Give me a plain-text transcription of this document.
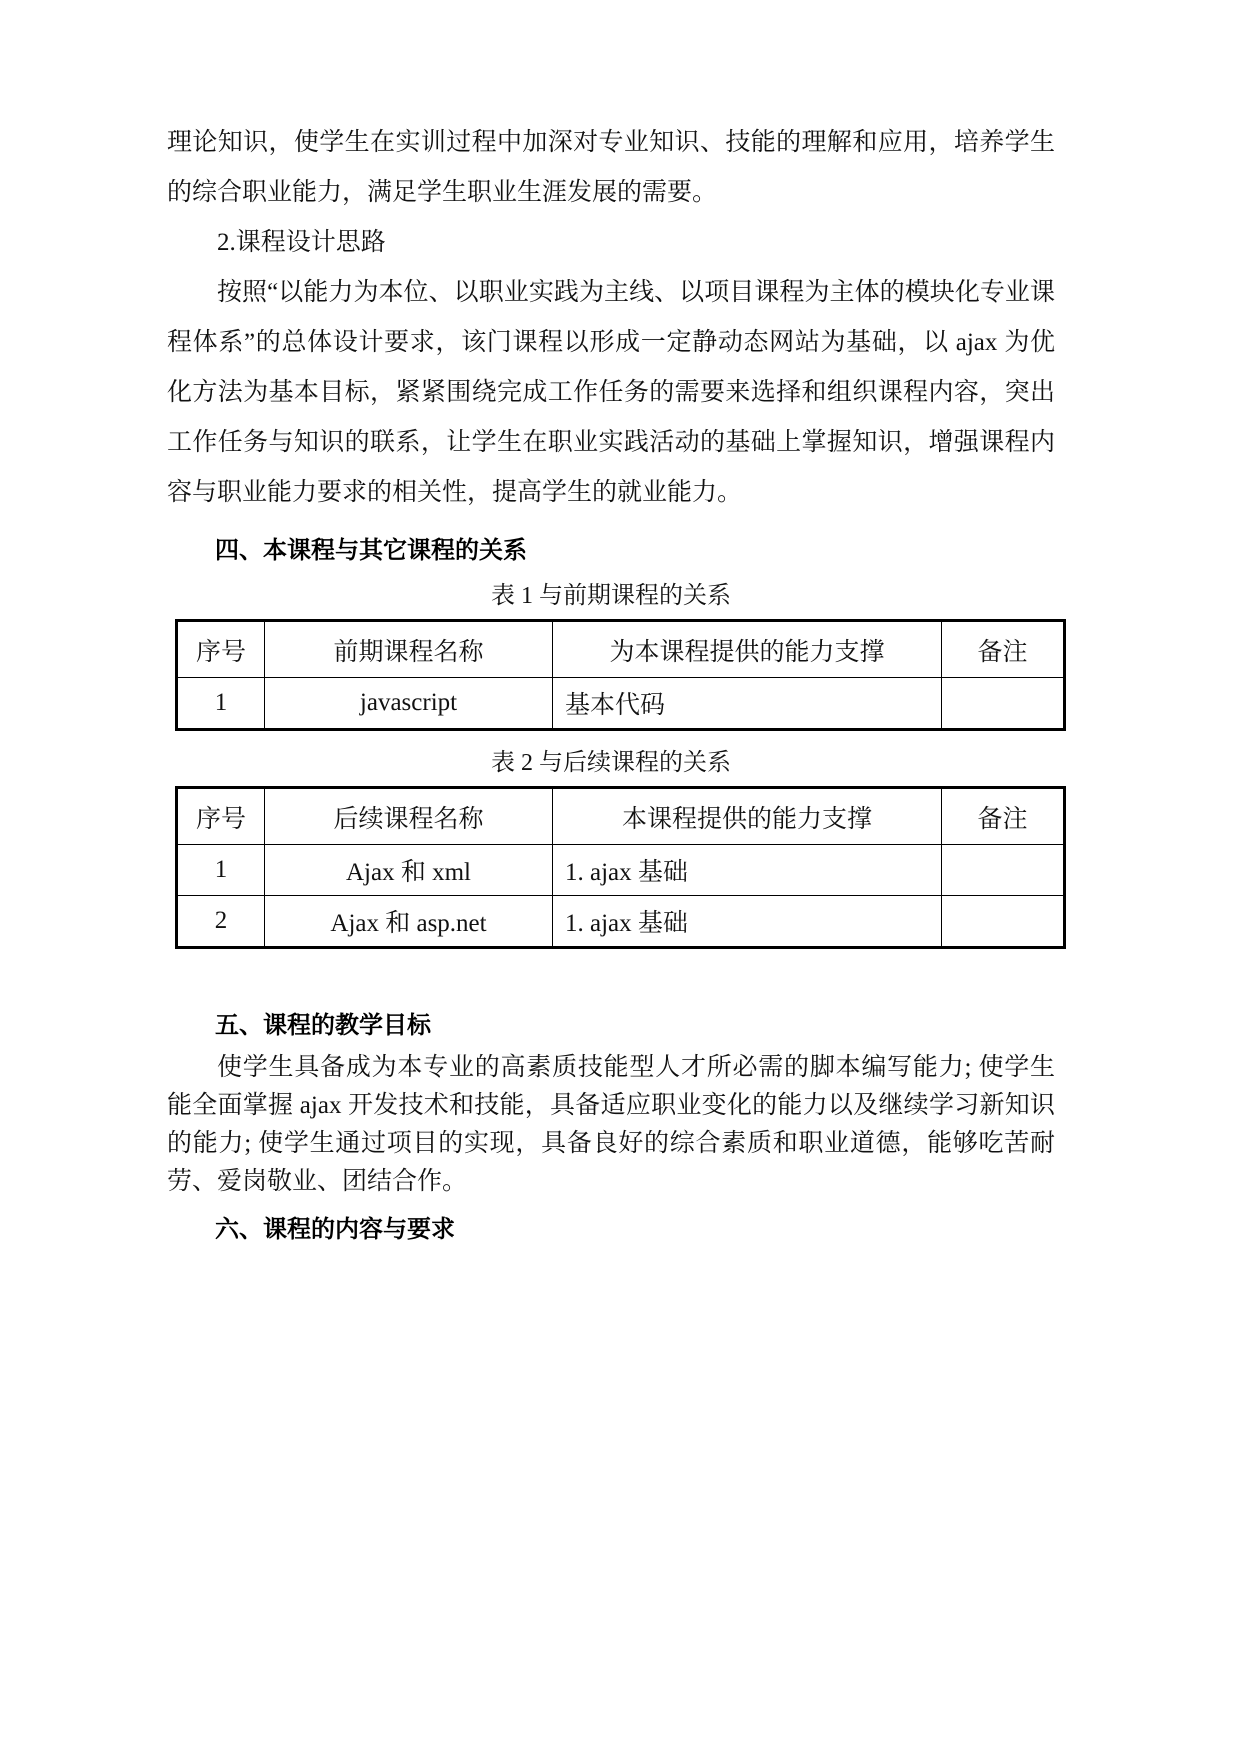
理论知识，使学生在实训过程中加深对专业知识、技能的理解和应用，培养学生的综合职业能力，满足学生职业生涯发展的需要。

2.课程设计思路

按照“以能力为本位、以职业实践为主线、以项目课程为主体的模块化专业课程体系”的总体设计要求，该门课程以形成一定静动态网站为基础，以 ajax 为优化方法为基本目标，紧紧围绕完成工作任务的需要来选择和组织课程内容，突出工作任务与知识的联系，让学生在职业实践活动的基础上掌握知识，增强课程内容与职业能力要求的相关性，提高学生的就业能力。

四、本课程与其它课程的关系

表 1 与前期课程的关系

序号	前期课程名称	为本课程提供的能力支撑	备注
1	javascript	基本代码	

表 2 与后续课程的关系

序号	后续课程名称	本课程提供的能力支撑	备注
1	Ajax 和 xml	1. ajax 基础	
2	Ajax 和 asp.net	1. ajax 基础	
五、课程的教学目标

使学生具备成为本专业的高素质技能型人才所必需的脚本编写能力; 使学生能全面掌握 ajax 开发技术和技能，具备适应职业变化的能力以及继续学习新知识的能力; 使学生通过项目的实现，具备良好的综合素质和职业道德，能够吃苦耐劳、爱岗敬业、团结合作。

六、课程的内容与要求
